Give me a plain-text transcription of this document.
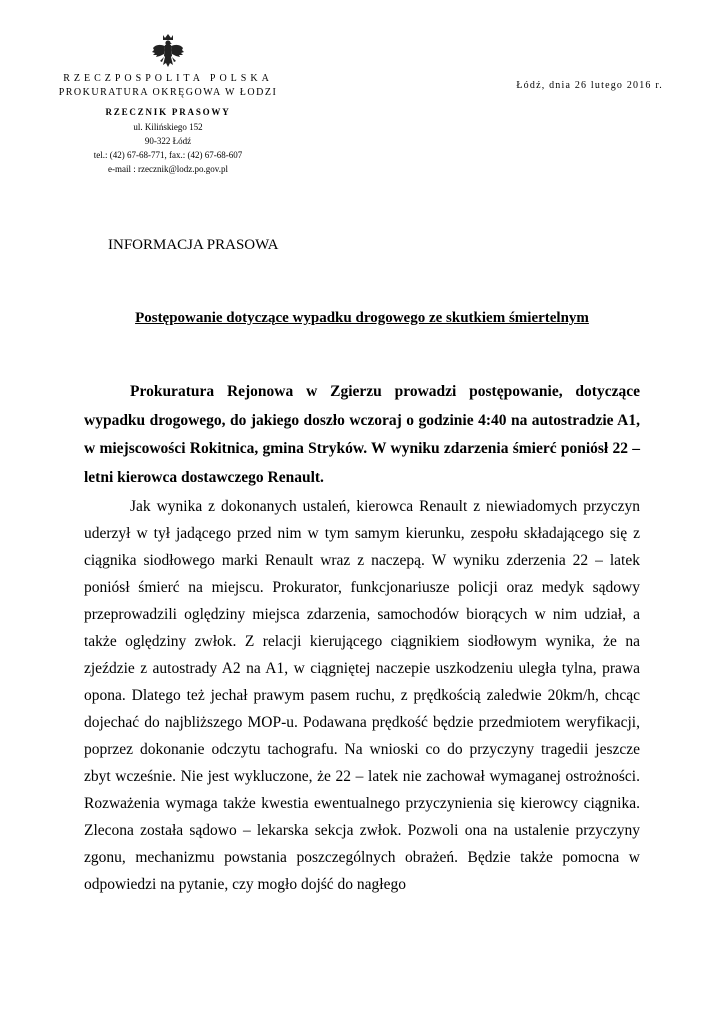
RZECZPOSPOLITA POLSKA
PROKURATURA OKRĘGOWA W ŁODZI
RZECZNIK PRASOWY
ul. Kilińskiego 152
90-322 Łódź
tel.: (42) 67-68-771, fax.: (42) 67-68-607
e-mail : rzecznik@lodz.po.gov.pl
Łódź, dnia 26 lutego 2016 r.
INFORMACJA PRASOWA
Postępowanie dotyczące wypadku drogowego ze skutkiem śmiertelnym

Prokuratura Rejonowa w Zgierzu prowadzi postępowanie, dotyczące wypadku drogowego, do jakiego doszło wczoraj o godzinie 4:40 na autostradzie A1, w miejscowości Rokitnica, gmina Stryków. W wyniku zdarzenia śmierć poniósł 22 – letni kierowca dostawczego Renault.

Jak wynika z dokonanych ustaleń, kierowca Renault z niewiadomych przyczyn uderzył w tył jadącego przed nim w tym samym kierunku, zespołu składającego się z ciągnika siodłowego marki Renault wraz z naczepą. W wyniku zderzenia 22 – latek poniósł śmierć na miejscu. Prokurator, funkcjonariusze policji oraz medyk sądowy przeprowadzili oględziny miejsca zdarzenia, samochodów biorących w nim udział, a także oględziny zwłok. Z relacji kierującego ciągnikiem siodłowym wynika, że na zjeździe z autostrady A2 na A1, w ciągniętej naczepie uszkodzeniu uległa tylna, prawa opona. Dlatego też jechał prawym pasem ruchu, z prędkością zaledwie 20km/h, chcąc dojechać do najbliższego MOP-u. Podawana prędkość będzie przedmiotem weryfikacji, poprzez dokonanie odczytu tachografu. Na wnioski co do przyczyny tragedii jeszcze zbyt wcześnie. Nie jest wykluczone, że 22 – latek nie zachował wymaganej ostrożności. Rozważenia wymaga także kwestia ewentualnego przyczynienia się kierowcy ciągnika. Zlecona została sądowo – lekarska sekcja zwłok. Pozwoli ona na ustalenie przyczyny zgonu, mechanizmu powstania poszczególnych obrażeń. Będzie także pomocna w odpowiedzi na pytanie, czy mogło dojść do nagłego
